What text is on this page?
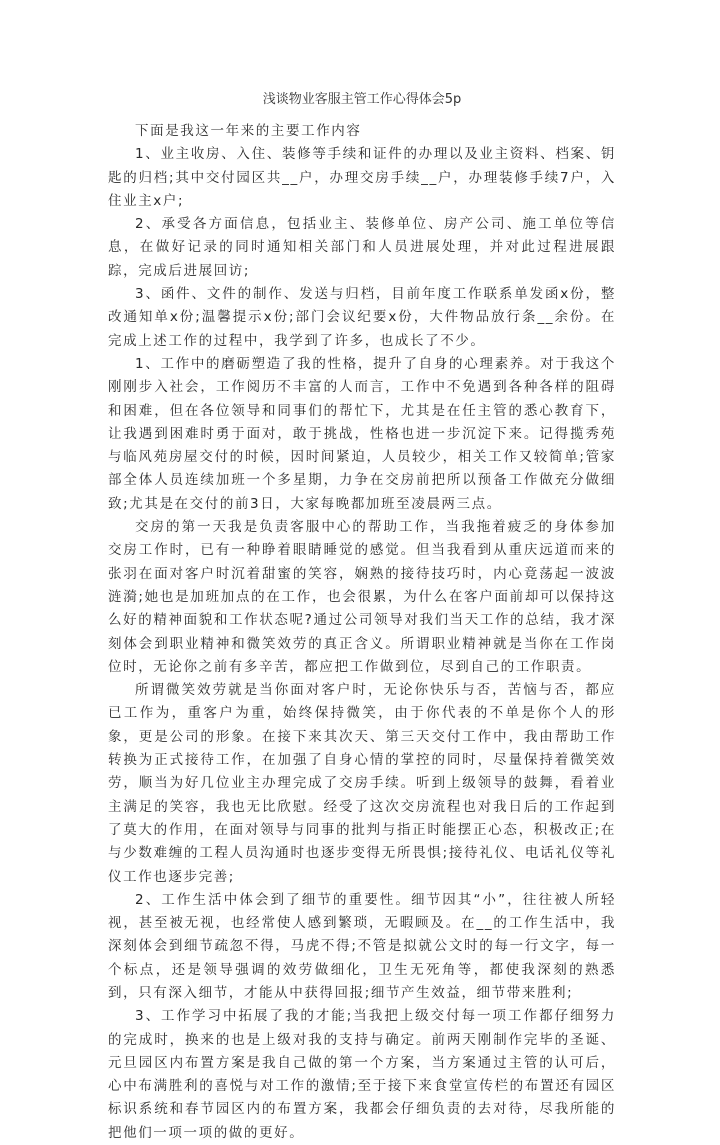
浅谈物业客服主管工作心得体会5p

下面是我这一年来的主要工作内容

1、业主收房、入住、装修等手续和证件的办理以及业主资料、档案、钥匙的归档;其中交付园区共__户，办理交房手续__户，办理装修手续7户，入住业主x户;

2、承受各方面信息，包括业主、装修单位、房产公司、施工单位等信息，在做好记录的同时通知相关部门和人员进展处理，并对此过程进展跟踪，完成后进展回访;

3、函件、文件的制作、发送与归档，目前年度工作联系单发函x份，整改通知单x份;温馨提示x份;部门会议纪要x份，大件物品放行条__余份。在完成上述工作的过程中，我学到了许多，也成长了不少。

1、工作中的磨砺塑造了我的性格，提升了自身的心理素养。对于我这个刚刚步入社会，工作阅历不丰富的人而言，工作中不免遇到各种各样的阻碍和困难，但在各位领导和同事们的帮忙下，尤其是在任主管的悉心教育下，让我遇到困难时勇于面对，敢于挑战，性格也进一步沉淀下来。记得揽秀苑与临风苑房屋交付的时候，因时间紧迫，人员较少，相关工作又较简单;管家部全体人员连续加班一个多星期，力争在交房前把所以预备工作做充分做细致;尤其是在交付的前3日，大家每晚都加班至凌晨两三点。

交房的第一天我是负责客服中心的帮助工作，当我拖着疲乏的身体参加交房工作时，已有一种睁着眼睛睡觉的感觉。但当我看到从重庆远道而来的张羽在面对客户时沉着甜蜜的笑容，娴熟的接待技巧时，内心竟荡起一波波涟漪;她也是加班加点的在工作，也会很累，为什么在客户面前却可以保持这么好的精神面貌和工作状态呢?通过公司领导对我们当天工作的总结，我才深刻体会到职业精神和微笑效劳的真正含义。所谓职业精神就是当你在工作岗位时，无论你之前有多辛苦，都应把工作做到位，尽到自己的工作职责。

所谓微笑效劳就是当你面对客户时，无论你快乐与否，苦恼与否，都应已工作为，重客户为重，始终保持微笑，由于你代表的不单是你个人的形象，更是公司的形象。在接下来其次天、第三天交付工作中，我由帮助工作转换为正式接待工作，在加强了自身心情的掌控的同时，尽量保持着微笑效劳，顺当为好几位业主办理完成了交房手续。听到上级领导的鼓舞，看着业主满足的笑容，我也无比欣慰。经受了这次交房流程也对我日后的工作起到了莫大的作用，在面对领导与同事的批判与指正时能摆正心态，积极改正;在与少数难缠的工程人员沟通时也逐步变得无所畏惧;接待礼仪、电话礼仪等礼仪工作也逐步完善;

2、工作生活中体会到了细节的重要性。细节因其“小”，往往被人所轻视，甚至被无视，也经常使人感到繁琐，无暇顾及。在__的工作生活中，我深刻体会到细节疏忽不得，马虎不得;不管是拟就公文时的每一行文字，每一个标点，还是领导强调的效劳做细化，卫生无死角等，都使我深刻的熟悉到，只有深入细节，才能从中获得回报;细节产生效益，细节带来胜利;

3、工作学习中拓展了我的才能;当我把上级交付每一项工作都仔细努力的完成时，换来的也是上级对我的支持与确定。前两天刚制作完毕的圣诞、元旦园区内布置方案是我自己做的第一个方案，当方案通过主管的认可后，心中布满胜利的喜悦与对工作的激情;至于接下来食堂宣传栏的布置还有园区标识系统和春节园区内的布置方案，我都会仔细负责的去对待，尽我所能的把他们一项一项的做的更好。
